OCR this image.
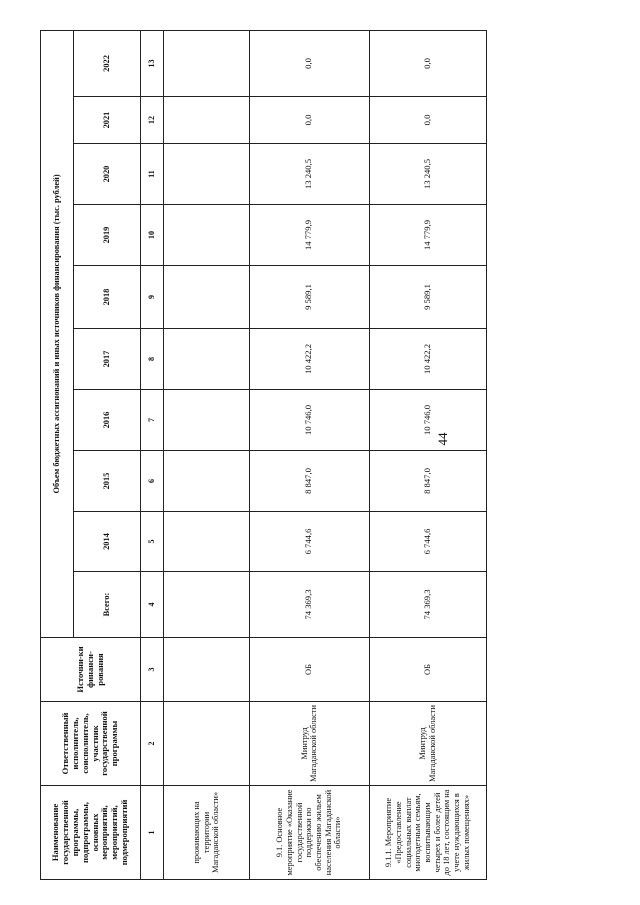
44
Наименование государственной программы, подпрограммы, основных мероприятий, мероприятий, подмероприятий	Ответственный исполнитель, соисполнитель, участник государственной программы	Источни-ки финанси-рования	Объем бюджетных ассигнований и иных источников финансирования (тыс. рублей)									
			Всего:	2014	2015	2016	2017	2018	2019	2020	2021	2022
1	2	3	4	5	6	7	8	9	10	11	12	13
проживающих на территории Магаданской области»												
9.1. Основное мероприятие «Оказание государственной поддержки по обеспечению жильем населения Магаданской области»	Минтруд Магаданской области	ОБ	74 369,3	6 744,6	8 847,0	10 746,0	10 422,2	9 589,1	14 779,9	13 240,5	0,0	0,0
9.1.1. Мероприятие «Предоставление социальных выплат многодетным семьям, воспитывающим четырех и более детей до 18 лет, состоящим на учете нуждающихся в жилых помещениях»	Минтруд Магаданской области	ОБ	74 369,3	6 744,6	8 847,0	10 746,0	10 422,2	9 589,1	14 779,9	13 240,5	0,0	0,0
